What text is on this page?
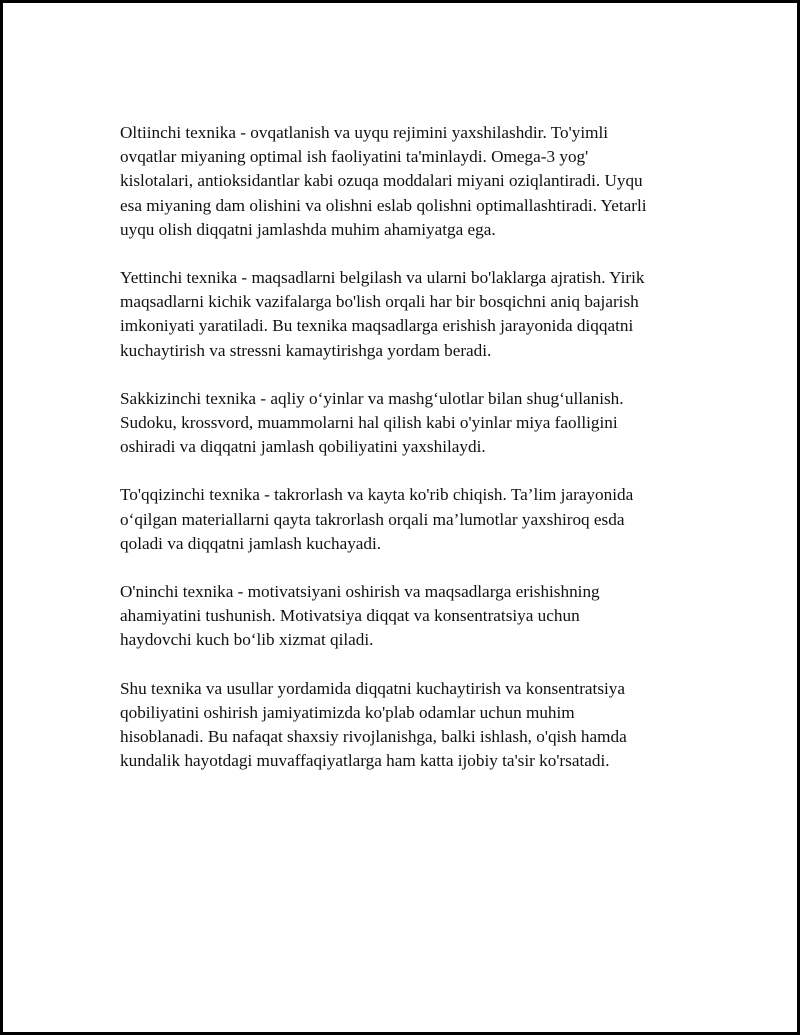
Oltiinchi texnika - ovqatlanish va uyqu rejimini yaxshilashdir. To'yimli
ovqatlar miyaning optimal ish faoliyatini ta'minlaydi. Omega-3 yog'
kislotalari, antioksidantlar kabi ozuqa moddalari miyani oziqlantiradi. Uyqu
esa miyaning dam olishini va olishni eslab qolishni optimallashtiradi. Yetarli
uyqu olish diqqatni jamlashda muhim ahamiyatga ega.

Yettinchi texnika - maqsadlarni belgilash va ularni bo'laklarga ajratish. Yirik
maqsadlarni kichik vazifalarga bo'lish orqali har bir bosqichni aniq bajarish
imkoniyati yaratiladi. Bu texnika maqsadlarga erishish jarayonida diqqatni
kuchaytirish va stressni kamaytirishga yordam beradi.

Sakkizinchi texnika - aqliy o‘yinlar va mashg‘ulotlar bilan shug‘ullanish.
Sudoku, krossvord, muammolarni hal qilish kabi o'yinlar miya faolligini
oshiradi va diqqatni jamlash qobiliyatini yaxshilaydi.

To'qqizinchi texnika - takrorlash va kayta ko'rib chiqish. Ta’lim jarayonida
o‘qilgan materiallarni qayta takrorlash orqali ma’lumotlar yaxshiroq esda
qoladi va diqqatni jamlash kuchayadi.

O'ninchi texnika - motivatsiyani oshirish va maqsadlarga erishishning
ahamiyatini tushunish. Motivatsiya diqqat va konsentratsiya uchun
haydovchi kuch bo‘lib xizmat qiladi.

Shu texnika va usullar yordamida diqqatni kuchaytirish va konsentratsiya
qobiliyatini oshirish jamiyatimizda ko'plab odamlar uchun muhim
hisoblanadi. Bu nafaqat shaxsiy rivojlanishga, balki ishlash, o'qish hamda
kundalik hayotdagi muvaffaqiyatlarga ham katta ijobiy ta'sir ko'rsatadi.
